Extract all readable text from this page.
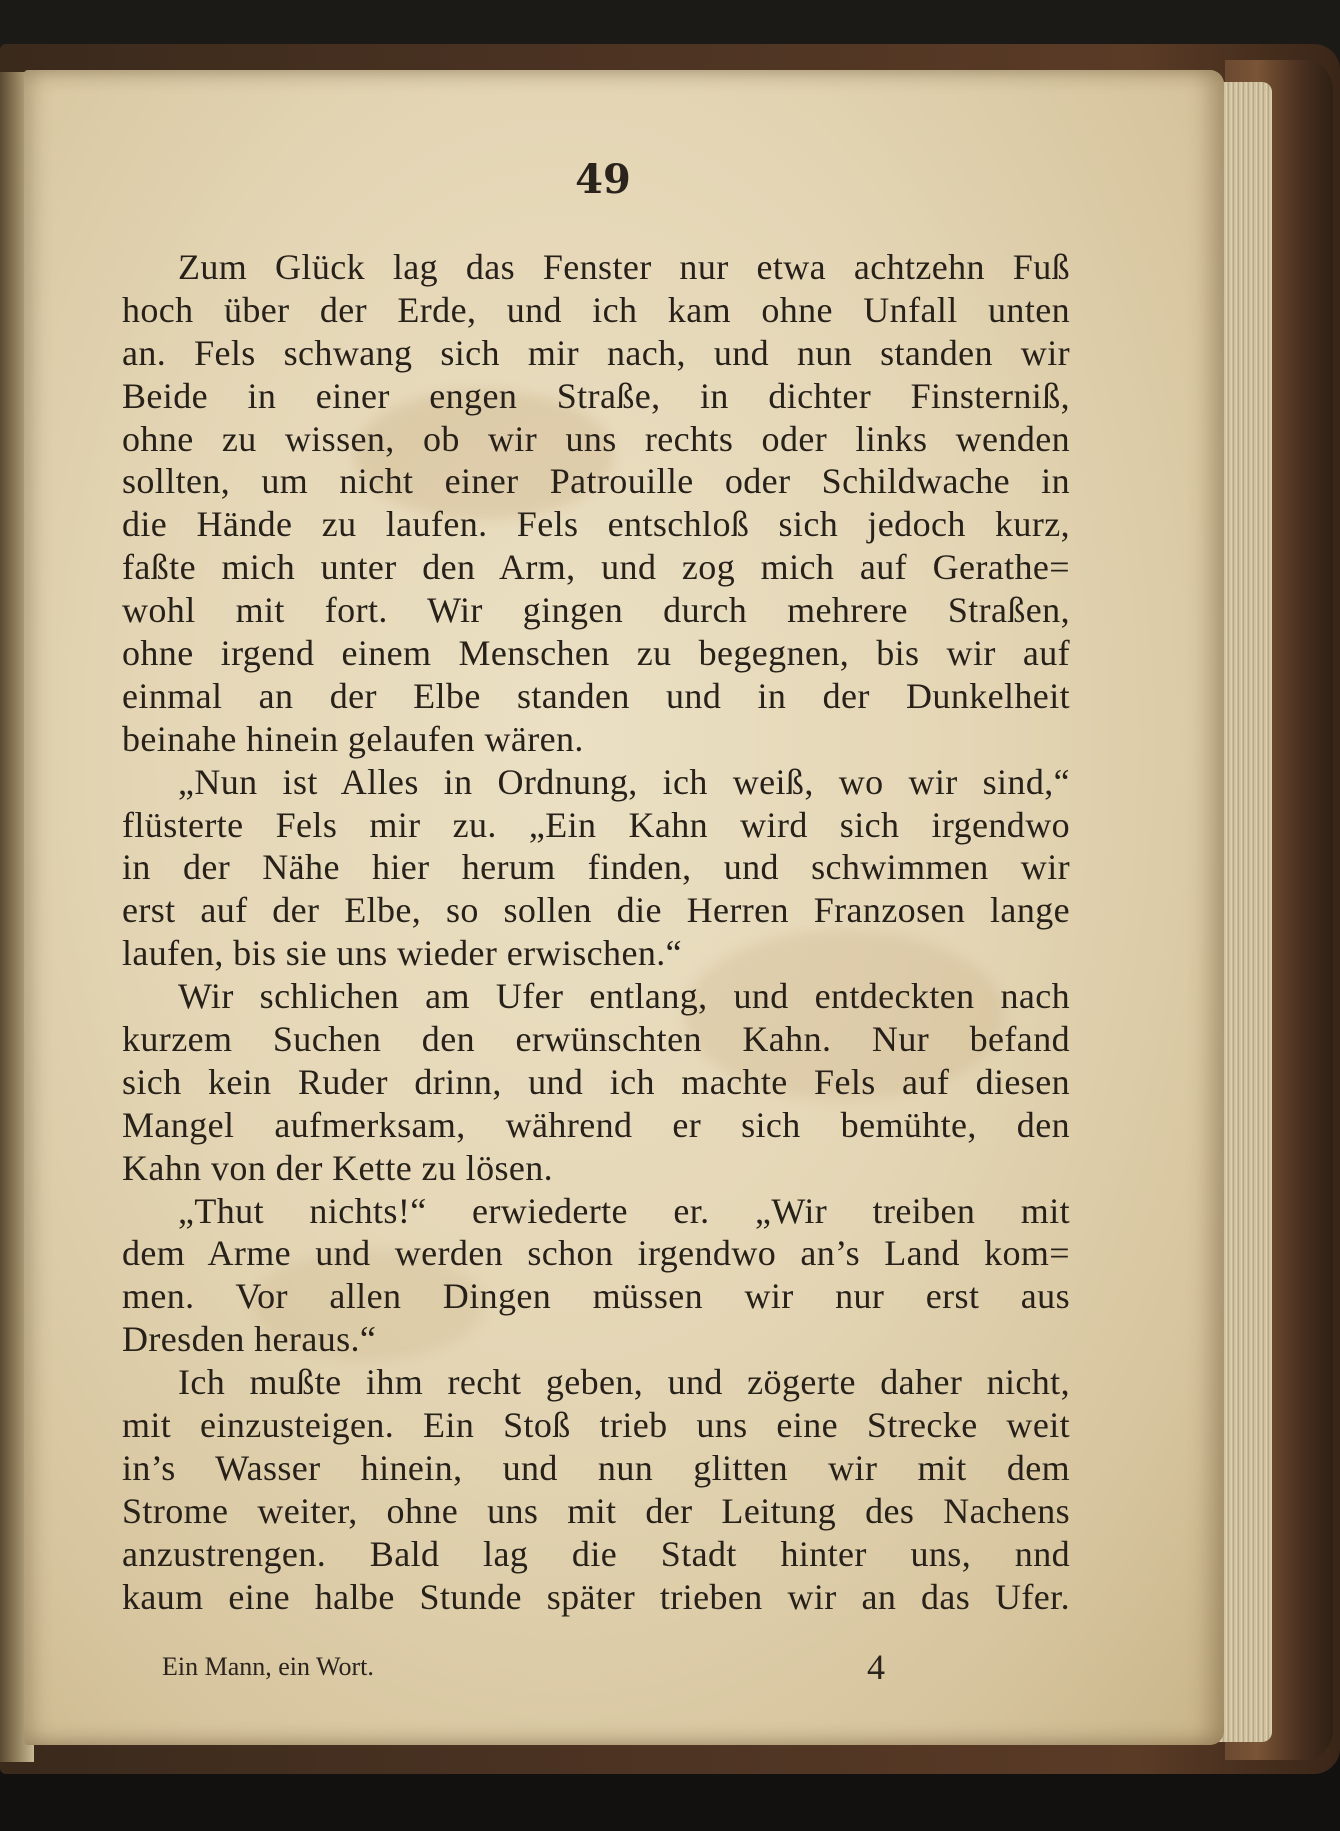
49
Zum Glück lag das Fenster nur etwa achtzehn Fuß
hoch über der Erde, und ich kam ohne Unfall unten
an. Fels schwang sich mir nach, und nun standen wir
Beide in einer engen Straße, in dichter Finsterniß,
ohne zu wissen, ob wir uns rechts oder links wenden
sollten, um nicht einer Patrouille oder Schildwache in
die Hände zu laufen. Fels entschloß sich jedoch kurz,
faßte mich unter den Arm, und zog mich auf Gerathe=
wohl mit fort. Wir gingen durch mehrere Straßen,
ohne irgend einem Menschen zu begegnen, bis wir auf
einmal an der Elbe standen und in der Dunkelheit
beinahe hinein gelaufen wären.
„Nun ist Alles in Ordnung, ich weiß, wo wir sind,“
flüsterte Fels mir zu. „Ein Kahn wird sich irgendwo
in der Nähe hier herum finden, und schwimmen wir
erst auf der Elbe, so sollen die Herren Franzosen lange
laufen, bis sie uns wieder erwischen.“
Wir schlichen am Ufer entlang, und entdeckten nach
kurzem Suchen den erwünschten Kahn. Nur befand
sich kein Ruder drinn, und ich machte Fels auf diesen
Mangel aufmerksam, während er sich bemühte, den
Kahn von der Kette zu lösen.
„Thut nichts!“ erwiederte er. „Wir treiben mit
dem Arme und werden schon irgendwo an’s Land kom=
men. Vor allen Dingen müssen wir nur erst aus
Dresden heraus.“
Ich mußte ihm recht geben, und zögerte daher nicht,
mit einzusteigen. Ein Stoß trieb uns eine Strecke weit
in’s Wasser hinein, und nun glitten wir mit dem
Strome weiter, ohne uns mit der Leitung des Nachens
anzustrengen. Bald lag die Stadt hinter uns, nnd
kaum eine halbe Stunde später trieben wir an das Ufer.
Ein Mann, ein Wort.	4
